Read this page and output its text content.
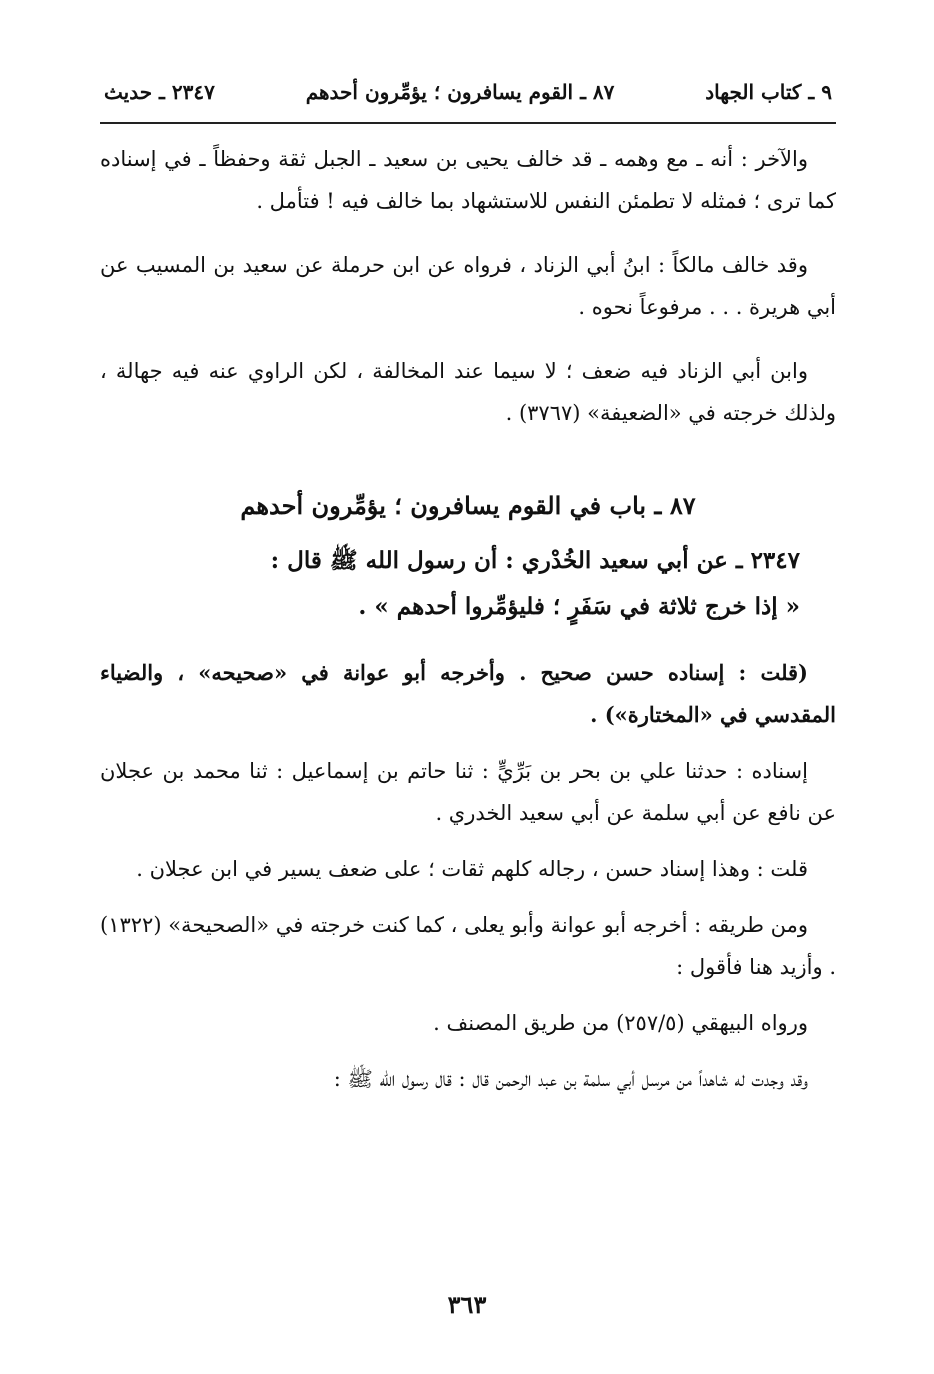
٩ ـ كتاب الجهاد
٨٧ ـ القوم يسافرون ؛ يؤمِّرون أحدهم
٢٣٤٧ ـ حديث

والآخر : أنه ـ مع وهمه ـ قد خالف يحيى بن سعيد ـ الجبل ثقة وحفظاً ـ في إسناده كما ترى ؛ فمثله لا تطمئن النفس للاستشهاد بما خالف فيه ! فتأمل .

وقد خالف مالكاً : ابنُ أبي الزناد ، فرواه عن ابن حرملة عن سعيد بن المسيب عن أبي هريرة . . . مرفوعاً نحوه .

وابن أبي الزناد فيه ضعف ؛ لا سيما عند المخالفة ، لكن الراوي عنه فيه جهالة ، ولذلك خرجته في «الضعيفة» (٣٧٦٧) .

٨٧ ـ باب في القوم يسافرون ؛ يؤمِّرون أحدهم
٢٣٤٧ ـ عن أبي سعيد الخُدْري : أن رسول الله ﷺ قال :
« إذا خرج ثلاثة في سَفَرٍ ؛ فليؤمِّروا أحدهم » .

(قلت : إسناده حسن صحيح . وأخرجه أبو عوانة في «صحيحه» ، والضياء المقدسي في «المختارة») .

إسناده : حدثنا علي بن بحر بن بَرِّيٍّ : ثنا حاتم بن إسماعيل : ثنا محمد بن عجلان عن نافع عن أبي سلمة عن أبي سعيد الخدري .

قلت : وهذا إسناد حسن ، رجاله كلهم ثقات ؛ على ضعف يسير في ابن عجلان .

ومن طريقه : أخرجه أبو عوانة وأبو يعلى ، كما كنت خرجته في «الصحيحة» (١٣٢٢) . وأزيد هنا فأقول :

ورواه البيهقي (٢٥٧/٥) من طريق المصنف .

وقد وجدت له شاهداً من مرسل أبي سلمة بن عبد الرحمن قال : قال رسول الله ﷺ :

٣٦٣
